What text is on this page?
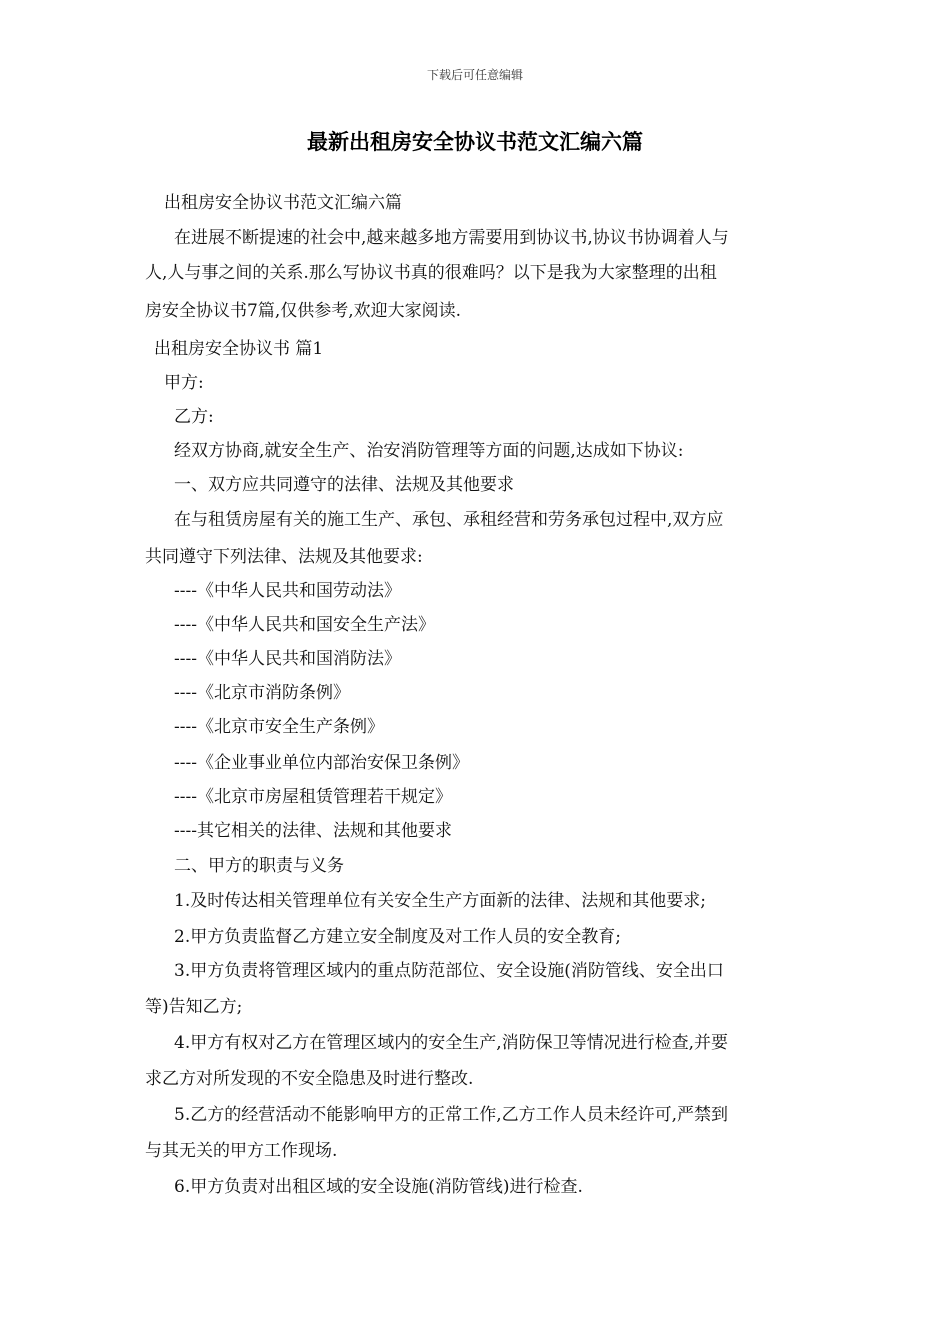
下载后可任意编辑
最新出租房安全协议书范文汇编六篇
出租房安全协议书范文汇编六篇
在进展不断提速的社会中,越来越多地方需要用到协议书,协议书协调着人与
人,人与事之间的关系.那么写协议书真的很难吗？以下是我为大家整理的出租
房安全协议书7篇,仅供参考,欢迎大家阅读.
出租房安全协议书 篇1
甲方:
乙方:
经双方协商,就安全生产、治安消防管理等方面的问题,达成如下协议:
一、双方应共同遵守的法律、法规及其他要求
在与租赁房屋有关的施工生产、承包、承租经营和劳务承包过程中,双方应
共同遵守下列法律、法规及其他要求:
----《中华人民共和国劳动法》
----《中华人民共和国安全生产法》
----《中华人民共和国消防法》
----《北京市消防条例》
----《北京市安全生产条例》
----《企业事业单位内部治安保卫条例》
----《北京市房屋租赁管理若干规定》
----其它相关的法律、法规和其他要求
二、甲方的职责与义务
1.及时传达相关管理单位有关安全生产方面新的法律、法规和其他要求;
2.甲方负责监督乙方建立安全制度及对工作人员的安全教育;
3.甲方负责将管理区域内的重点防范部位、安全设施(消防管线、安全出口
等)告知乙方;
4.甲方有权对乙方在管理区域内的安全生产,消防保卫等情况进行检查,并要
求乙方对所发现的不安全隐患及时进行整改.
5.乙方的经营活动不能影响甲方的正常工作,乙方工作人员未经许可,严禁到
与其无关的甲方工作现场.
6.甲方负责对出租区域的安全设施(消防管线)进行检查.
